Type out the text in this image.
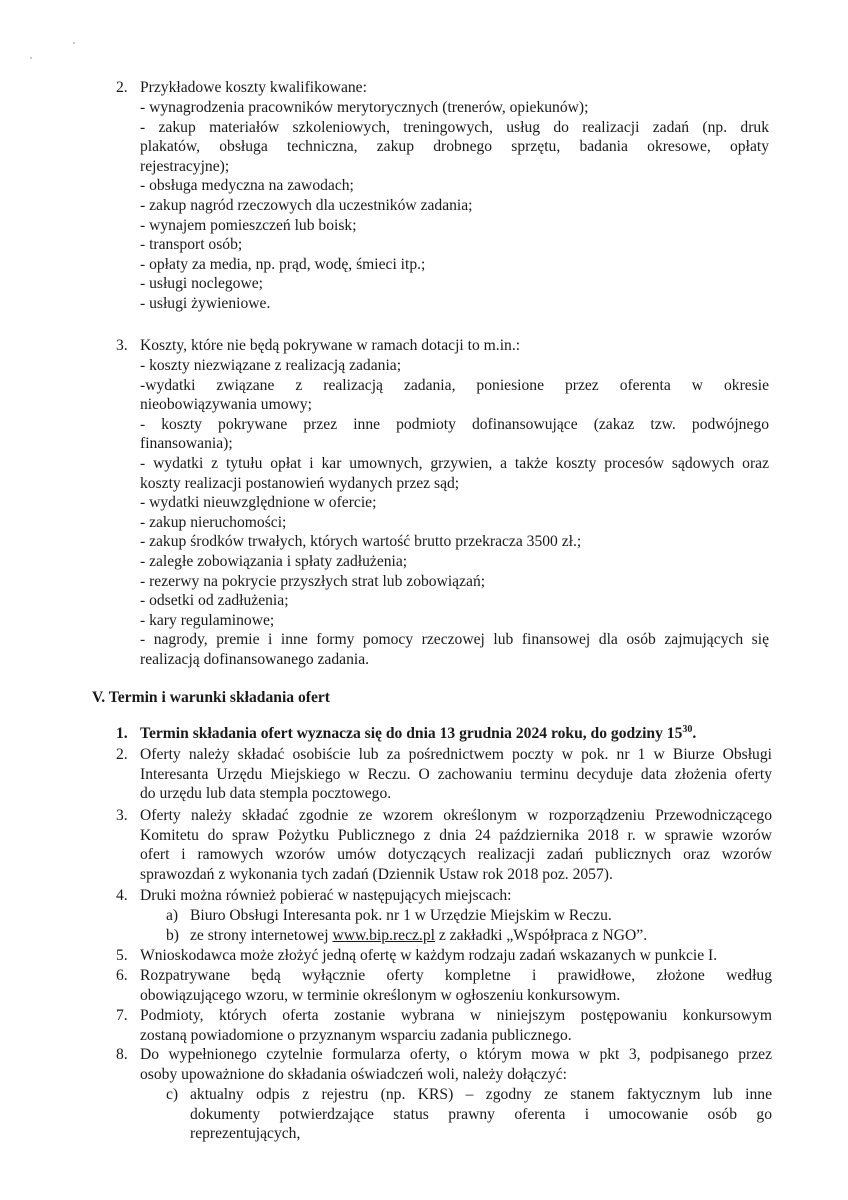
2. Przykładowe koszty kwalifikowane:
- wynagrodzenia pracowników merytorycznych (trenerów, opiekunów);
- zakup materiałów szkoleniowych, treningowych, usług do realizacji zadań (np. druk
plakatów, obsługa techniczna, zakup drobnego sprzętu, badania okresowe, opłaty
rejestracyjne);
- obsługa medyczna na zawodach;
- zakup nagród rzeczowych dla uczestników zadania;
- wynajem pomieszczeń lub boisk;
- transport osób;
- opłaty za media, np. prąd, wodę, śmieci itp.;
- usługi noclegowe;
- usługi żywieniowe.
3. Koszty, które nie będą pokrywane w ramach dotacji to m.in.:
- koszty niezwiązane z realizacją zadania;
-wydatki związane z realizacją zadania, poniesione przez oferenta w okresie
nieobowiązywania umowy;
- koszty pokrywane przez inne podmioty dofinansowujące (zakaz tzw. podwójnego
finansowania);
- wydatki z tytułu opłat i kar umownych, grzywien, a także koszty procesów sądowych oraz
koszty realizacji postanowień wydanych przez sąd;
- wydatki nieuwzględnione w ofercie;
- zakup nieruchomości;
- zakup środków trwałych, których wartość brutto przekracza 3500 zł.;
- zaległe zobowiązania i spłaty zadłużenia;
- rezerwy na pokrycie przyszłych strat lub zobowiązań;
- odsetki od zadłużenia;
- kary regulaminowe;
- nagrody, premie i inne formy pomocy rzeczowej lub finansowej dla osób zajmujących się
realizacją dofinansowanego zadania.
V. Termin i warunki składania ofert
1. Termin składania ofert wyznacza się do dnia 13 grudnia 2024 roku, do godziny $15^{30}$.
2. Oferty należy składać osobiście lub za pośrednictwem poczty w pok. nr 1 w Biurze Obsługi
Interesanta Urzędu Miejskiego w Reczu. O zachowaniu terminu decyduje data złożenia oferty
do urzędu lub data stempla pocztowego.
3. Oferty należy składać zgodnie ze wzorem określonym w rozporządzeniu Przewodniczącego
Komitetu do spraw Pożytku Publicznego z dnia 24 października 2018 r. w sprawie wzorów
ofert i ramowych wzorów umów dotyczących realizacji zadań publicznych oraz wzorów
sprawozdań z wykonania tych zadań (Dziennik Ustaw rok 2018 poz. 2057).
4. Druki można również pobierać w następujących miejscach:
a) Biuro Obsługi Interesanta pok. nr 1 w Urzędzie Miejskim w Reczu.
b) ze strony internetowej www.bip.recz.pl z zakładki „Współpraca z NGO”.
5. Wnioskodawca może złożyć jedną ofertę w każdym rodzaju zadań wskazanych w punkcie I.
6. Rozpatrywane będą wyłącznie oferty kompletne i prawidłowe, złożone według
obowiązującego wzoru, w terminie określonym w ogłoszeniu konkursowym.
7. Podmioty, których oferta zostanie wybrana w niniejszym postępowaniu konkursowym
zostaną powiadomione o przyznanym wsparciu zadania publicznego.
8. Do wypełnionego czytelnie formularza oferty, o którym mowa w pkt 3, podpisanego przez
osoby upoważnione do składania oświadczeń woli, należy dołączyć:
c) aktualny odpis z rejestru (np. KRS) – zgodny ze stanem faktycznym lub inne
dokumenty potwierdzające status prawny oferenta i umocowanie osób go
reprezentujących,
